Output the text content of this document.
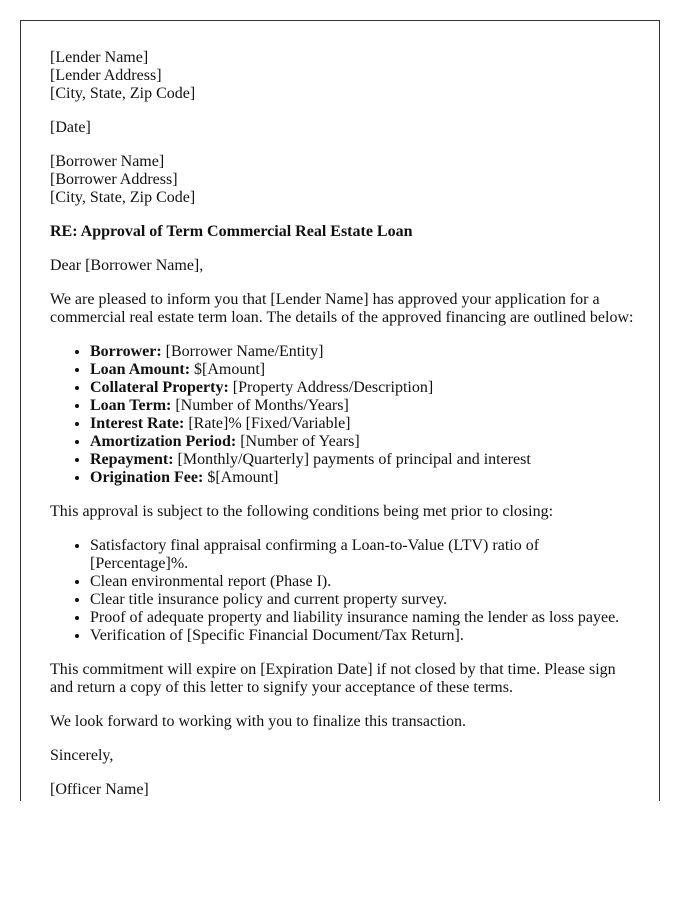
[Lender Name]
[Lender Address]
[City, State, Zip Code]
[Date]
[Borrower Name]
[Borrower Address]
[City, State, Zip Code]
RE: Approval of Term Commercial Real Estate Loan

Dear [Borrower Name],

We are pleased to inform you that [Lender Name] has approved your application for a commercial real estate term loan. The details of the approved financing are outlined below:

• Borrower: [Borrower Name/Entity]
• Loan Amount: $[Amount]
• Collateral Property: [Property Address/Description]
• Loan Term: [Number of Months/Years]
• Interest Rate: [Rate]% [Fixed/Variable]
• Amortization Period: [Number of Years]
• Repayment: [Monthly/Quarterly] payments of principal and interest
• Origination Fee: $[Amount]

This approval is subject to the following conditions being met prior to closing:

• Satisfactory final appraisal confirming a Loan-to-Value (LTV) ratio of [Percentage]%.
• Clean environmental report (Phase I).
• Clear title insurance policy and current property survey.
• Proof of adequate property and liability insurance naming the lender as loss payee.
• Verification of [Specific Financial Document/Tax Return].

This commitment will expire on [Expiration Date] if not closed by that time. Please sign and return a copy of this letter to signify your acceptance of these terms.

We look forward to working with you to finalize this transaction.

Sincerely,

[Officer Name]
